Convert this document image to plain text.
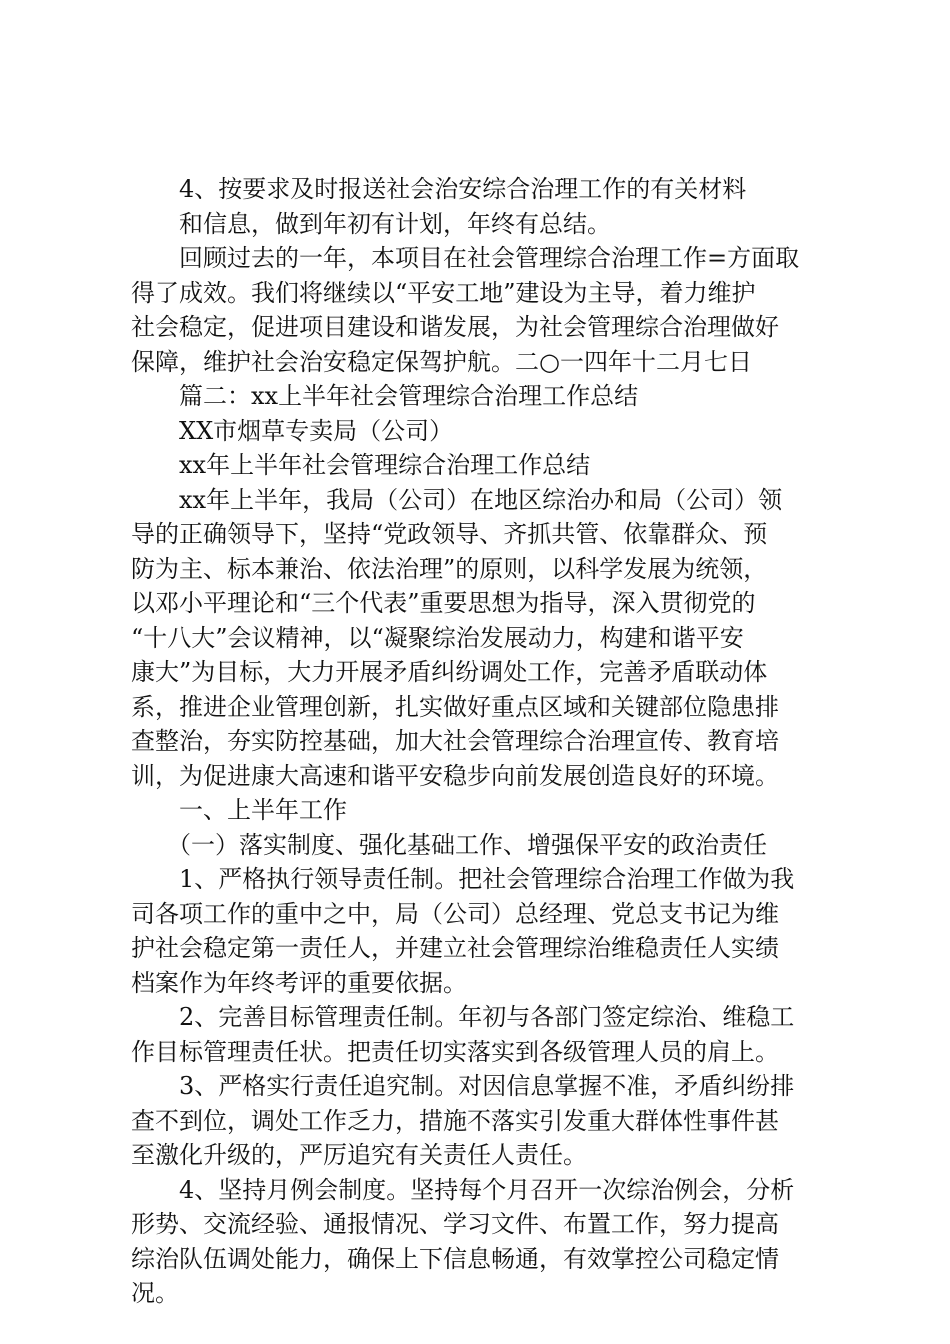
4、按要求及时报送社会治安综合治理工作的有关材料
和信息，做到年初有计划，年终有总结。
回顾过去的一年，本项目在社会管理综合治理工作=方面取
得了成效。我们将继续以“平安工地”建设为主导，着力维护
社会稳定，促进项目建设和谐发展，为社会管理综合治理做好
保障，维护社会治安稳定保驾护航。二○一四年十二月七日
篇二：xx上半年社会管理综合治理工作总结
XX市烟草专卖局（公司）
xx年上半年社会管理综合治理工作总结
xx年上半年，我局（公司）在地区综治办和局（公司）领
导的正确领导下，坚持“党政领导、齐抓共管、依靠群众、预
防为主、标本兼治、依法治理”的原则，以科学发展为统领，
以邓小平理论和“三个代表”重要思想为指导，深入贯彻党的
“十八大”会议精神，以“凝聚综治发展动力，构建和谐平安
康大”为目标，大力开展矛盾纠纷调处工作，完善矛盾联动体
系，推进企业管理创新，扎实做好重点区域和关键部位隐患排
查整治，夯实防控基础，加大社会管理综合治理宣传、教育培
训，为促进康大高速和谐平安稳步向前发展创造良好的环境。
一、上半年工作
（一）落实制度、强化基础工作、增强保平安的政治责任
1、严格执行领导责任制。把社会管理综合治理工作做为我
司各项工作的重中之中，局（公司）总经理、党总支书记为维
护社会稳定第一责任人，并建立社会管理综治维稳责任人实绩
档案作为年终考评的重要依据。
2、完善目标管理责任制。年初与各部门签定综治、维稳工
作目标管理责任状。把责任切实落实到各级管理人员的肩上。
3、严格实行责任追究制。对因信息掌握不准，矛盾纠纷排
查不到位，调处工作乏力，措施不落实引发重大群体性事件甚
至激化升级的，严厉追究有关责任人责任。
4、坚持月例会制度。坚持每个月召开一次综治例会，分析
形势、交流经验、通报情况、学习文件、布置工作，努力提高
综治队伍调处能力，确保上下信息畅通，有效掌控公司稳定情
况。
